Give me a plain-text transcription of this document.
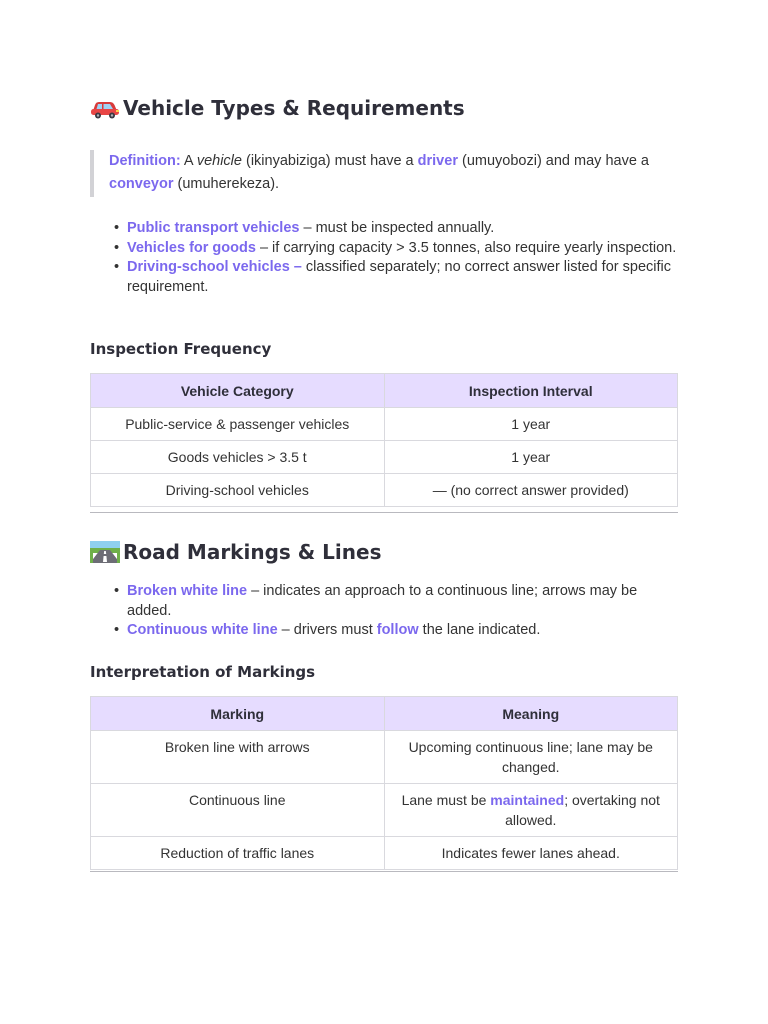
Vehicle Types & Requirements
Definition: A vehicle (ikinyabiziga) must have a driver (umuyobozi) and may have a conveyor (umuherekeza).
• Public transport vehicles – must be inspected annually.
• Vehicles for goods – if carrying capacity > 3.5 tonnes, also require yearly inspection.
• Driving-school vehicles – classified separately; no correct answer listed for specific requirement.
Inspection Frequency
Vehicle Category	Inspection Interval
Public-service & passenger vehicles	1 year
Goods vehicles > 3.5 t	1 year
Driving-school vehicles	— (no correct answer provided)
Road Markings & Lines
• Broken white line – indicates an approach to a continuous line; arrows may be added.
• Continuous white line – drivers must follow the lane indicated.
Interpretation of Markings
Marking	Meaning
Broken line with arrows	Upcoming continuous line; lane may be changed.
Continuous line	Lane must be maintained; overtaking not allowed.
Reduction of traffic lanes	Indicates fewer lanes ahead.
